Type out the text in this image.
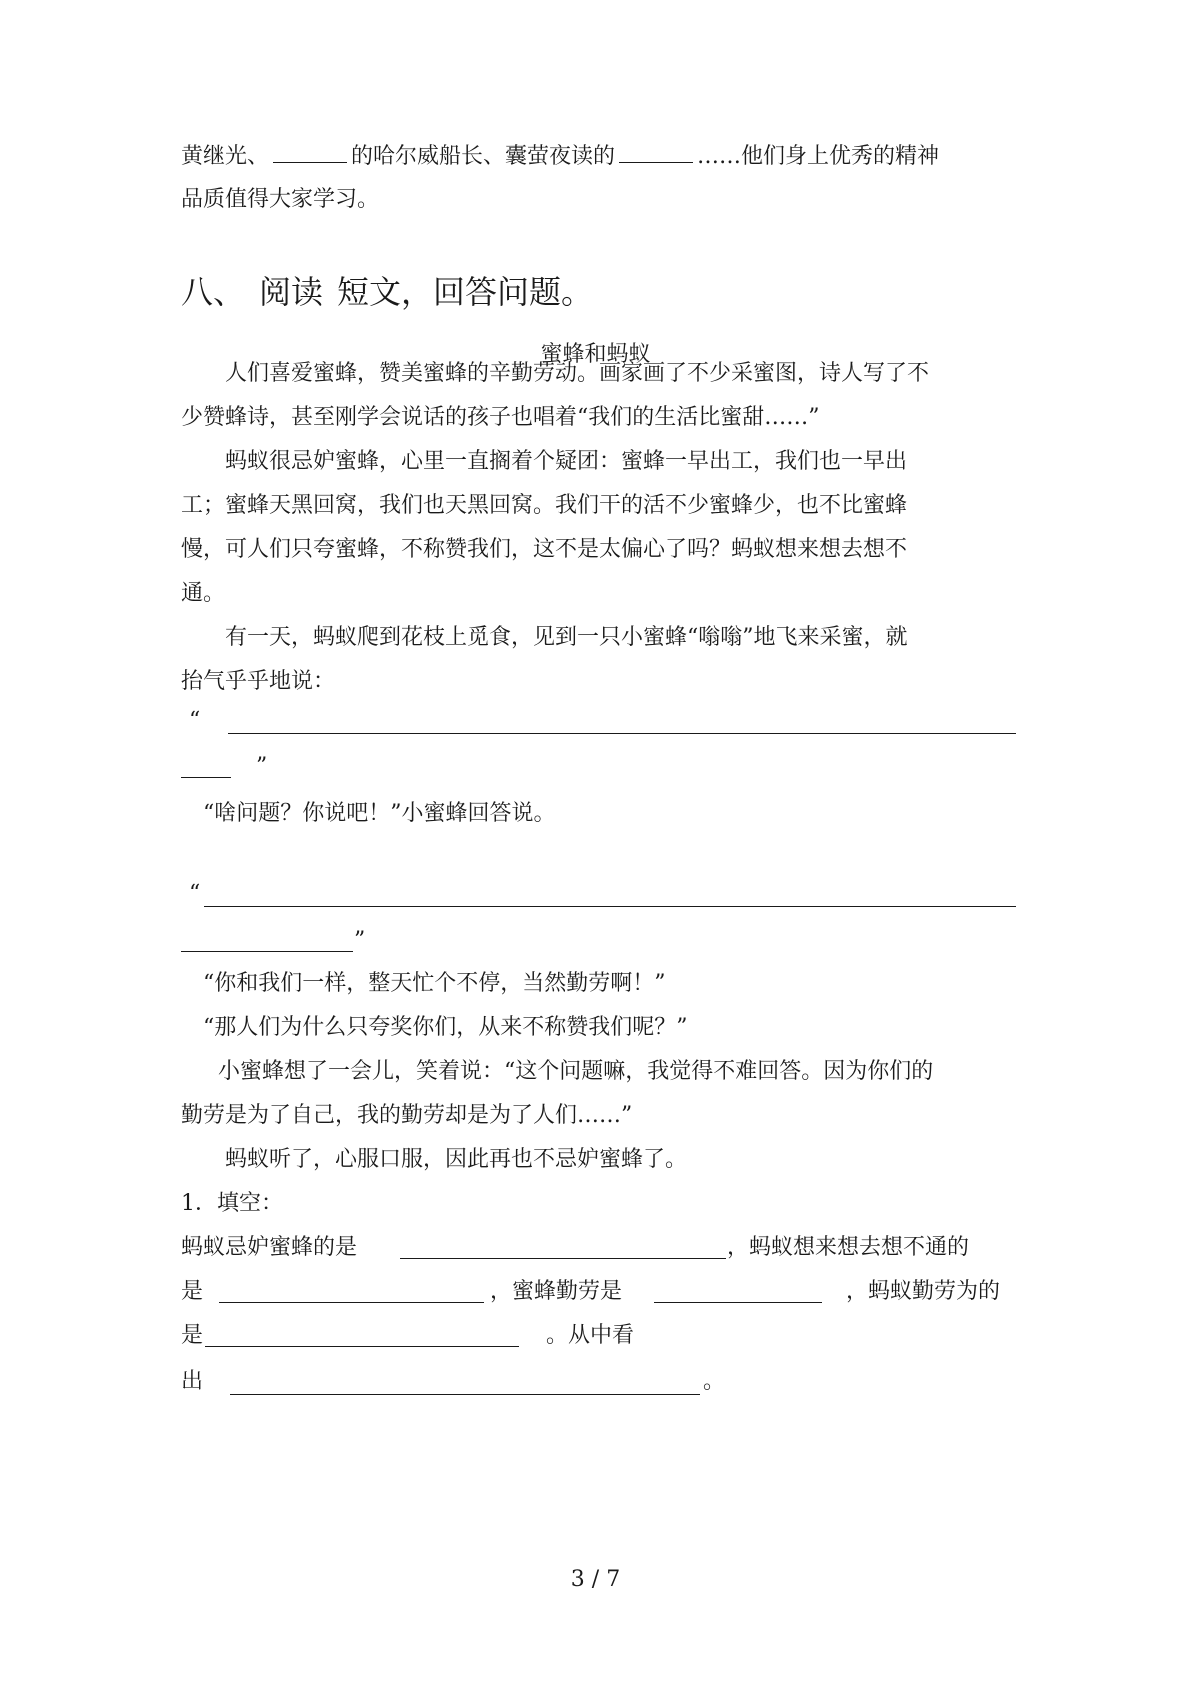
黄继光、	的哈尔威船长、囊萤夜读的	……他们身上优秀的精神
品质值得大家学习。
八、 阅读 短文，回答问题。
蜜蜂和蚂蚁
人们喜爱蜜蜂，赞美蜜蜂的辛勤劳动。画家画了不少采蜜图，诗人写了不
少赞蜂诗，甚至刚学会说话的孩子也唱着“我们的生活比蜜甜……”
蚂蚁很忌妒蜜蜂，心里一直搁着个疑团：蜜蜂一早出工，我们也一早出
工；蜜蜂天黑回窝，我们也天黑回窝。我们干的活不少蜜蜂少，也不比蜜蜂
慢，可人们只夸蜜蜂，不称赞我们，这不是太偏心了吗？蚂蚁想来想去想不
通。
有一天，蚂蚁爬到花枝上觅食，见到一只小蜜蜂“嗡嗡”地飞来采蜜，就
抬气乎乎地说：
“
”
“啥问题？你说吧！”小蜜蜂回答说。
“
”
“你和我们一样，整天忙个不停，当然勤劳啊！”
“那人们为什么只夸奖你们，从来不称赞我们呢？”
小蜜蜂想了一会儿，笑着说：“这个问题嘛，我觉得不难回答。因为你们的
勤劳是为了自己，我的勤劳却是为了人们……”
蚂蚁听了，心服口服，因此再也不忌妒蜜蜂了。
1．填空：
蚂蚁忌妒蜜蜂的是	，蚂蚁想来想去想不通的
是	，蜜蜂勤劳是	，蚂蚁勤劳为的
是	。从中看
出	。
3 / 7
